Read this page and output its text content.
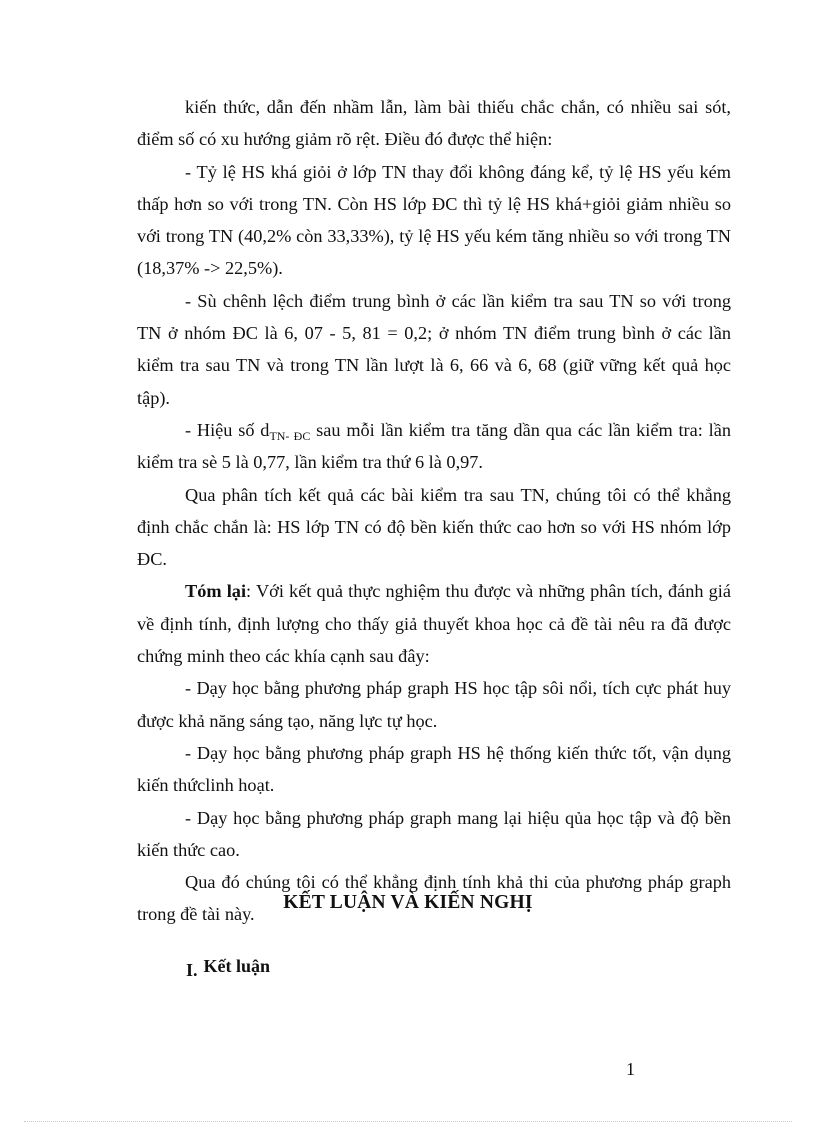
kiến thức, dẫn đến nhầm lẫn, làm bài thiếu chắc chắn, có nhiều sai sót, điểm số có xu hướng giảm rõ rệt. Điều đó được thể hiện:

- Tỷ lệ HS khá giỏi ở lớp TN thay đổi không đáng kể, tỷ lệ HS yếu kém thấp hơn so với trong TN. Còn HS lớp ĐC thì tỷ lệ HS khá+giỏi giảm nhiều so với trong TN (40,2% còn 33,33%), tỷ lệ HS yếu kém tăng nhiều so với trong TN (18,37% -> 22,5%).

- Sù chênh lệch điểm trung bình ở các lần kiểm tra sau TN so với trong TN ở nhóm ĐC là 6, 07 - 5, 81 = 0,2; ở nhóm TN điểm trung bình ở các lần kiểm tra sau TN và trong TN lần lượt là 6, 66 và 6, 68 (giữ vững kết quả học tập).

- Hiệu số $d_{TN- ĐC}$ sau mỗi lần kiểm tra tăng dần qua các lần kiểm tra: lần kiểm tra sè 5 là 0,77, lần kiểm tra thứ 6 là 0,97.

Qua phân tích kết quả các bài kiểm tra sau TN, chúng tôi có thể khẳng định chắc chắn là: HS lớp TN có độ bền kiến thức cao hơn so với HS nhóm lớp ĐC.

Tóm lại: Với kết quả thực nghiệm thu được và những phân tích, đánh giá về định tính, định lượng cho thấy giả thuyết khoa học cả đề tài nêu ra đã được chứng minh theo các khía cạnh sau đây:

- Dạy học bằng phương pháp graph HS học tập sôi nổi, tích cực phát huy được khả năng sáng tạo, năng lực tự học.

- Dạy học bằng phương pháp graph HS hệ thống kiến thức tốt, vận dụng kiến thứclinh hoạt.

- Dạy học bằng phương pháp graph mang lại hiệu qủa học tập và độ bền kiến thức cao.

Qua đó chúng tôi có thể khẳng định tính khả thi của phương pháp graph trong đề tài này.

KẾT LUẬN VÀ KIẾN NGHỊ
I. Kết luận
1
